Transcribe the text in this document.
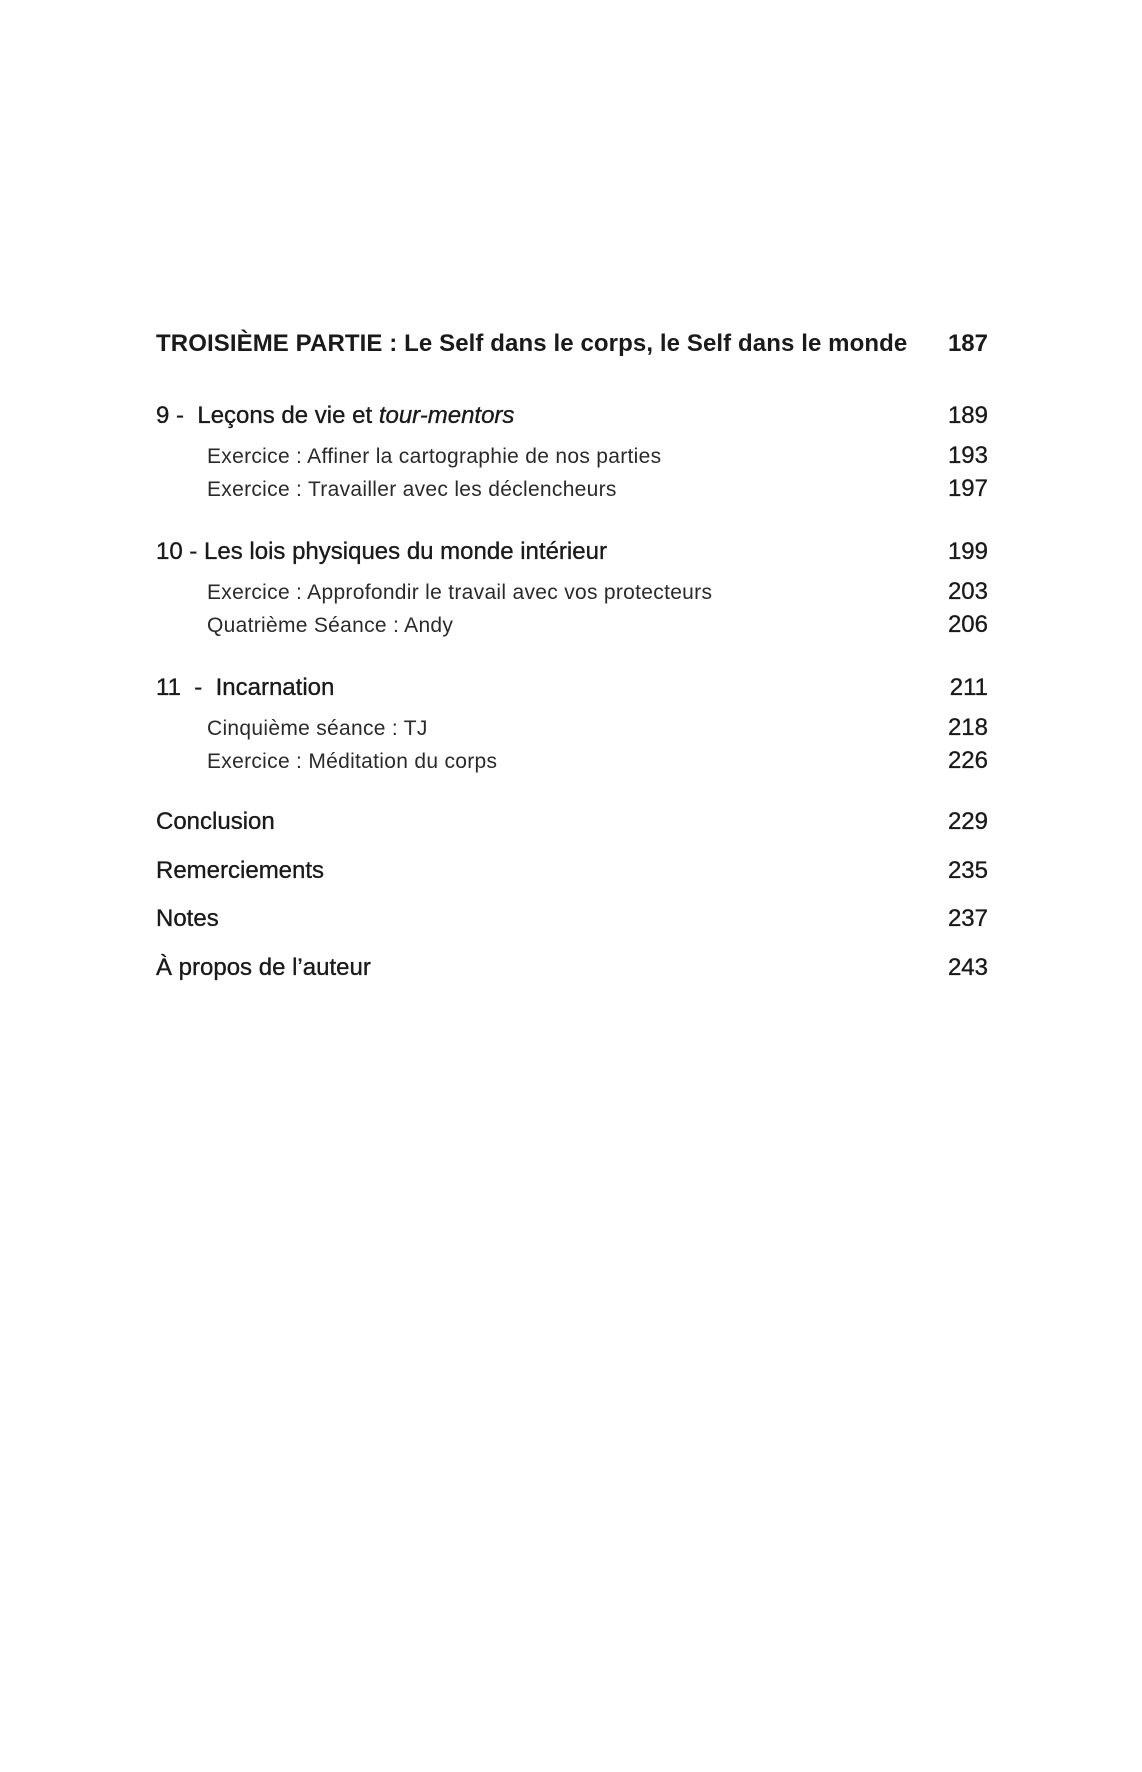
TROISIÈME PARTIE : Le Self dans le corps, le Self dans le monde 187
9 -  Leçons de vie et tour-mentors	189
Exercice : Affiner la cartographie de nos parties	193
Exercice : Travailler avec les déclencheurs	197
10 - Les lois physiques du monde intérieur	199
Exercice : Approfondir le travail avec vos protecteurs	203
Quatrième Séance : Andy	206
11  -  Incarnation	211
Cinquième séance : TJ	218
Exercice : Méditation du corps	226
Conclusion	229
Remerciements	235
Notes	237
À propos de l’auteur	243
